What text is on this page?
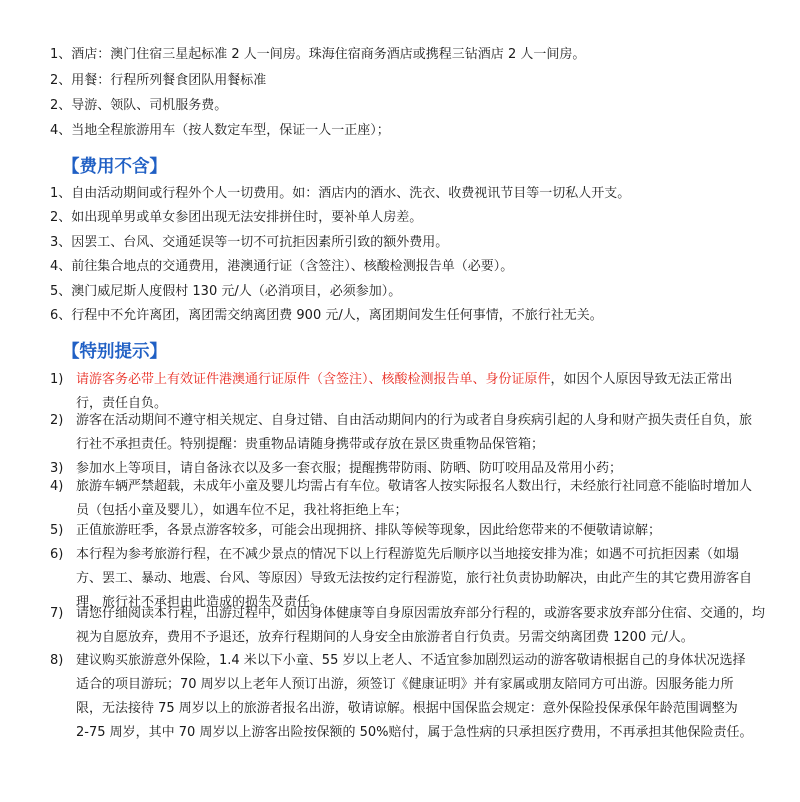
1、酒店：澳门住宿三星起标准 2 人一间房。珠海住宿商务酒店或携程三钻酒店 2 人一间房。
2、用餐：行程所列餐食团队用餐标准
2、导游、领队、司机服务费。
4、当地全程旅游用车（按人数定车型，保证一人一正座）；
【费用不含】
1、自由活动期间或行程外个人一切费用。如：酒店内的酒水、洗衣、收费视讯节目等一切私人开支。
2、如出现单男或单女参团出现无法安排拼住时，要补单人房差。
3、因罢工、台风、交通延误等一切不可抗拒因素所引致的额外费用。
4、前往集合地点的交通费用，港澳通行证（含签注）、核酸检测报告单（必要）。
5、澳门威尼斯人度假村 130 元/人（必消项目，必须参加）。
6、行程中不允许离团，离团需交纳离团费 900 元/人，离团期间发生任何事情，不旅行社无关。
【特别提示】
1) 请游客务必带上有效证件港澳通行证原件（含签注）、核酸检测报告单、身份证原件，如因个人原因导致无法正常出行，责任自负。
2) 游客在活动期间不遵守相关规定、自身过错、自由活动期间内的行为或者自身疾病引起的人身和财产损失责任自负，旅行社不承担责任。特别提醒：贵重物品请随身携带或存放在景区贵重物品保管箱；
3) 参加水上等项目，请自备泳衣以及多一套衣服；提醒携带防雨、防晒、防叮咬用品及常用小药；
4) 旅游车辆严禁超载，未成年小童及婴儿均需占有车位。敬请客人按实际报名人数出行，未经旅行社同意不能临时增加人员（包括小童及婴儿），如遇车位不足，我社将拒绝上车；
5) 正值旅游旺季，各景点游客较多，可能会出现拥挤、排队等候等现象，因此给您带来的不便敬请谅解；
6) 本行程为参考旅游行程，在不减少景点的情况下以上行程游览先后顺序以当地接安排为准；如遇不可抗拒因素（如塌方、罢工、暴动、地震、台风、等原因）导致无法按约定行程游览，旅行社负责协助解决，由此产生的其它费用游客自理，旅行社不承担由此造成的损失及责任。
7) 请您仔细阅读本行程，出游过程中，如因身体健康等自身原因需放弃部分行程的，或游客要求放弃部分住宿、交通的，均视为自愿放弃，费用不予退还，放弃行程期间的人身安全由旅游者自行负责。另需交纳离团费 1200 元/人。
8) 建议购买旅游意外保险，1.4 米以下小童、55 岁以上老人、不适宜参加剧烈运动的游客敬请根据自己的身体状况选择适合的项目游玩；70 周岁以上老年人预订出游，须签订《健康证明》并有家属或朋友陪同方可出游。因服务能力所限，无法接待 75 周岁以上的旅游者报名出游，敬请谅解。根据中国保监会规定：意外保险投保承保年龄范围调整为 2-75 周岁，其中 70 周岁以上游客出险按保额的 50%赔付，属于急性病的只承担医疗费用，不再承担其他保险责任。
